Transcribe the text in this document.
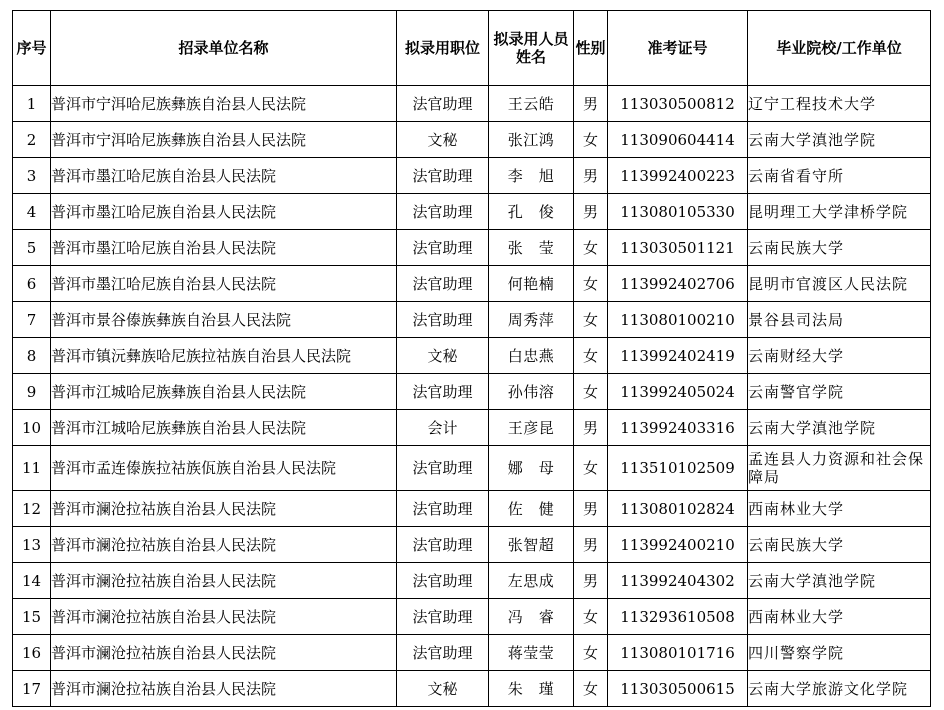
序号	招录单位名称	拟录用职位	拟录用人员姓名	性别	准考证号	毕业院校/工作单位
1	普洱市宁洱哈尼族彝族自治县人民法院	法官助理	王云皓	男	113030500812	辽宁工程技术大学
2	普洱市宁洱哈尼族彝族自治县人民法院	文秘	张江鸿	女	113090604414	云南大学滇池学院
3	普洱市墨江哈尼族自治县人民法院	法官助理	李　旭	男	113992400223	云南省看守所
4	普洱市墨江哈尼族自治县人民法院	法官助理	孔　俊	男	113080105330	昆明理工大学津桥学院
5	普洱市墨江哈尼族自治县人民法院	法官助理	张　莹	女	113030501121	云南民族大学
6	普洱市墨江哈尼族自治县人民法院	法官助理	何艳楠	女	113992402706	昆明市官渡区人民法院
7	普洱市景谷傣族彝族自治县人民法院	法官助理	周秀萍	女	113080100210	景谷县司法局
8	普洱市镇沅彝族哈尼族拉祜族自治县人民法院	文秘	白忠燕	女	113992402419	云南财经大学
9	普洱市江城哈尼族彝族自治县人民法院	法官助理	孙伟溶	女	113992405024	云南警官学院
10	普洱市江城哈尼族彝族自治县人民法院	会计	王彦昆	男	113992403316	云南大学滇池学院
11	普洱市孟连傣族拉祜族佤族自治县人民法院	法官助理	娜　母	女	113510102509	孟连县人力资源和社会保障局
12	普洱市澜沧拉祜族自治县人民法院	法官助理	佐　健	男	113080102824	西南林业大学
13	普洱市澜沧拉祜族自治县人民法院	法官助理	张智超	男	113992400210	云南民族大学
14	普洱市澜沧拉祜族自治县人民法院	法官助理	左思成	男	113992404302	云南大学滇池学院
15	普洱市澜沧拉祜族自治县人民法院	法官助理	冯　睿	女	113293610508	西南林业大学
16	普洱市澜沧拉祜族自治县人民法院	法官助理	蒋莹莹	女	113080101716	四川警察学院
17	普洱市澜沧拉祜族自治县人民法院	文秘	朱　瑾	女	113030500615	云南大学旅游文化学院
